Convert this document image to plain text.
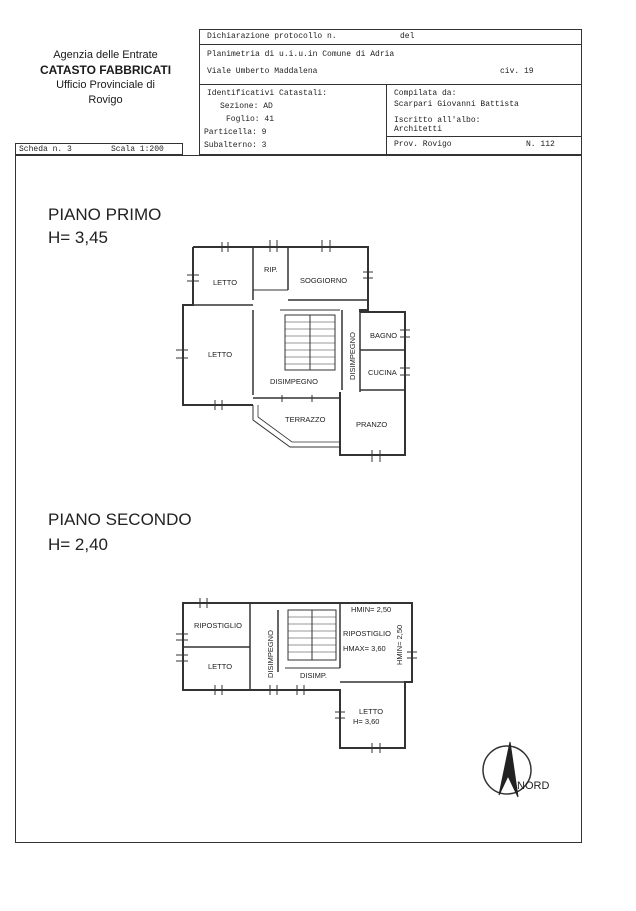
Agenzia delle Entrate
CATASTO FABBRICATI
Ufficio Provinciale di
Rovigo
Dichiarazione protocollo n.	del
Planimetria di u.i.u.in Comune di Adria
Viale Umberto Maddalena	civ. 19
Identificativi Catastali:
Sezione: AD
Foglio: 41
Particella: 9
Subalterno: 3
Compilata da:
Scarpari Giovanni Battista
Iscritto all'albo:
Architetti
Prov. Rovigo	N. 112
Scheda n. 3	Scala 1:200
PIANO PRIMO
H= 3,45
PIANO SECONDO
H= 2,40
LETTO
RIP.
SOGGIORNO
LETTO
BAGNO
CUCINA
DISIMPEGNO
DISIMPEGNO
TERRAZZO
PRANZO
RIPOSTIGLIO
LETTO	DISIMPEGNO
HMIN= 2,50
RIPOSTIGLIO
HMAX= 3,60 HMIN= 2,50
DISIMP.
LETTO
H= 3,60
NORD
